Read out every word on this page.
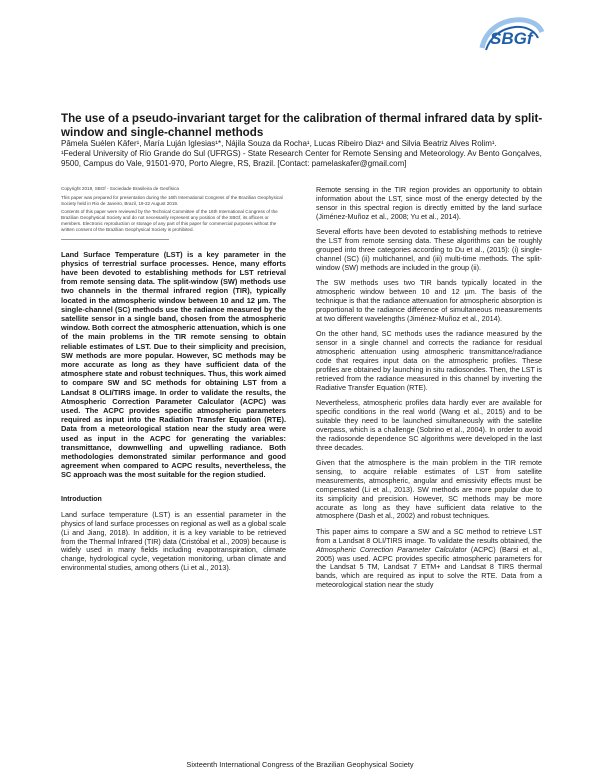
SBGf
The use of a pseudo-invariant target for the calibration of thermal infrared data by split-window and single-channel methods
Pâmela Suélen Käfer¹, María Luján Iglesias¹*, Nájila Souza da Rocha¹, Lucas Ribeiro Diaz¹ and Silvia Beatriz Alves Rolim¹.
¹Federal University of Rio Grande do Sul (UFRGS) - State Research Center for Remote Sensing and Meteorology. Av Bento Gonçalves, 9500, Campus do Vale, 91501-970, Porto Alegre, RS, Brazil. [Contact: pamelaskafer@gmail.com]

Copyright 2019, SBGf - Sociedade Brasileira de Geofísica

This paper was prepared for presentation during the 16th International Congress of the Brazilian Geophysical Society held in Rio de Janeiro, Brazil, 19-22 August 2019.

Contents of this paper were reviewed by the Technical Committee of the 16th International Congress of the Brazilian Geophysical Society and do not necessarily represent any position of the SBGf, its officers or members. Electronic reproduction or storage of any part of this paper for commercial purposes without the written consent of the Brazilian Geophysical Society is prohibited.

Land Surface Temperature (LST) is a key parameter in the physics of terrestrial surface processes. Hence, many efforts have been devoted to establishing methods for LST retrieval from remote sensing data. The split-window (SW) methods use two channels in the thermal infrared region (TIR), typically located in the atmospheric window between 10 and 12 µm. The single-channel (SC) methods use the radiance measured by the satellite sensor in a single band, chosen from the atmospheric window. Both correct the atmospheric attenuation, which is one of the main problems in the TIR remote sensing to obtain reliable estimates of LST. Due to their simplicity and precision, SW methods are more popular. However, SC methods may be more accurate as long as they have sufficient data of the atmosphere state and robust techniques. Thus, this work aimed to compare SW and SC methods for obtaining LST from a Landsat 8 OLI/TIRS image. In order to validate the results, the Atmospheric Correction Parameter Calculator (ACPC) was used. The ACPC provides specific atmospheric parameters required as input into the Radiation Transfer Equation (RTE). Data from a meteorological station near the study area were used as input in the ACPC for generating the variables: transmittance, downwelling and upwelling radiance. Both methodologies demonstrated similar performance and good agreement when compared to ACPC results, nevertheless, the SC approach was the most suitable for the region studied.

Introduction

Land surface temperature (LST) is an essential parameter in the physics of land surface processes on regional as well as a global scale (Li and Jiang, 2018). In addition, it is a key variable to be retrieved from the Thermal Infrared (TIR) data (Cristóbal et al., 2009) because is widely used in many fields including evapotranspiration, climate change, hydrological cycle, vegetation monitoring, urban climate and environmental studies, among others (Li et al., 2013).

Remote sensing in the TIR region provides an opportunity to obtain information about the LST, since most of the energy detected by the sensor in this spectral region is directly emitted by the land surface (Jiménez-Muñoz et al., 2008; Yu et al., 2014).

Several efforts have been devoted to establishing methods to retrieve the LST from remote sensing data. These algorithms can be roughly grouped into three categories according to Du et al., (2015): (i) single-channel (SC) (ii) multichannel, and (iii) multi-time methods. The split-window (SW) methods are included in the group (ii).

The SW methods uses two TIR bands typically located in the atmospheric window between 10 and 12 µm. The basis of the technique is that the radiance attenuation for atmospheric absorption is proportional to the radiance difference of simultaneous measurements at two different wavelengths (Jiménez-Muñoz et al., 2014).

On the other hand, SC methods uses the radiance measured by the sensor in a single channel and corrects the radiance for residual atmospheric attenuation using atmospheric transmittance/radiance code that requires input data on the atmospheric profiles. These profiles are obtained by launching in situ radiosondes. Then, the LST is retrieved from the radiance measured in this channel by inverting the Radiative Transfer Equation (RTE).

Nevertheless, atmospheric profiles data hardly ever are available for specific conditions in the real world (Wang et al., 2015) and to be suitable they need to be launched simultaneously with the satellite overpass, which is a challenge (Sobrino et al., 2004). In order to avoid the radiosonde dependence SC algorithms were developed in the last three decades.

Given that the atmosphere is the main problem in the TIR remote sensing, to acquire reliable estimates of LST from satellite measurements, atmospheric, angular and emissivity effects must be compensated (Li et al., 2013). SW methods are more popular due to its simplicity and precision. However, SC methods may be more accurate as long as they have sufficient data relative to the atmosphere (Dash et al., 2002) and robust techniques.

This paper aims to compare a SW and a SC method to retrieve LST from a Landsat 8 OLI/TIRS image. To validate the results obtained, the Atmospheric Correction Parameter Calculator (ACPC) (Barsi et al., 2005) was used. ACPC provides specific atmospheric parameters for the Landsat 5 TM, Landsat 7 ETM+ and Landsat 8 TIRS thermal bands, which are required as input to solve the RTE. Data from a meteorological station near the study

Sixteenth International Congress of the Brazilian Geophysical Society
